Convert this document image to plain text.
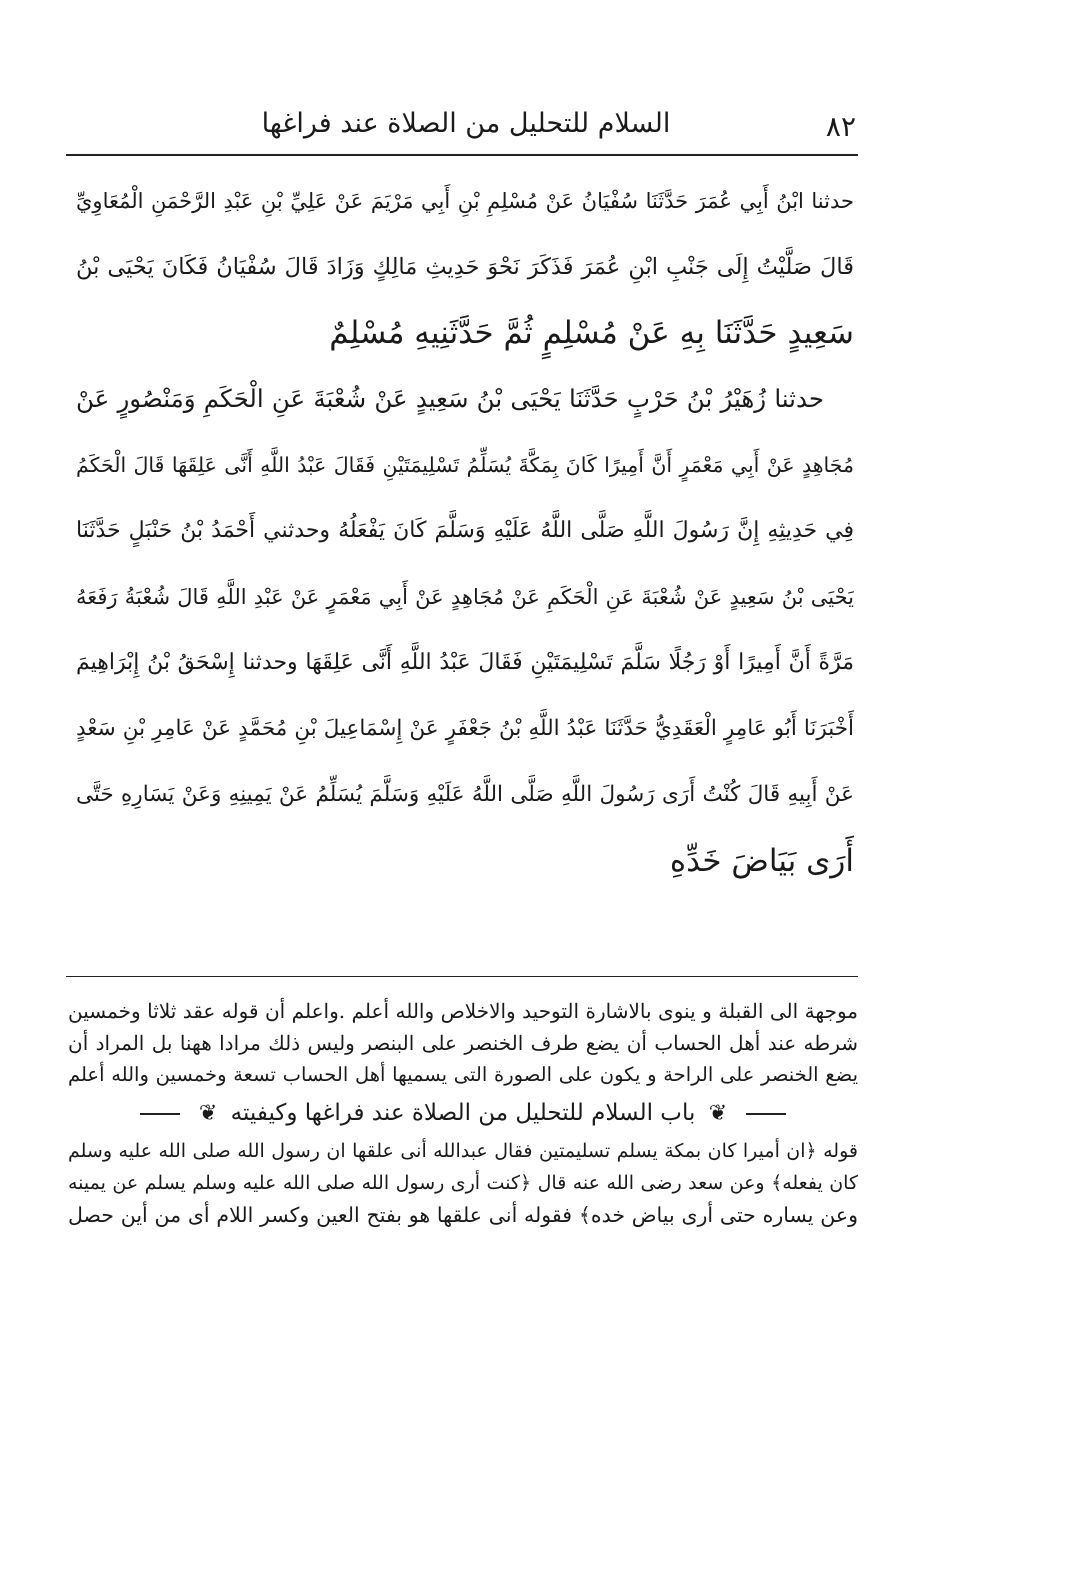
٨٢
السلام للتحليل من الصلاة عند فراغها
حدثنا ابْنُ أَبِي عُمَرَ حَدَّثَنَا سُفْيَانُ عَنْ مُسْلِمِ بْنِ أَبِي مَرْيَمَ عَنْ عَلِيِّ بْنِ عَبْدِ الرَّحْمَنِ الْمُعَاوِيِّ
قَالَ صَلَّيْتُ إِلَى جَنْبِ ابْنِ عُمَرَ فَذَكَرَ نَحْوَ حَدِيثِ مَالِكٍ وَزَادَ قَالَ سُفْيَانُ فَكَانَ يَحْيَى بْنُ
سَعِيدٍ حَدَّثَنَا بِهِ عَنْ مُسْلِمٍ ثُمَّ حَدَّثَنِيهِ مُسْلِمٌ
حدثنا زُهَيْرُ بْنُ حَرْبٍ حَدَّثَنَا يَحْيَى بْنُ سَعِيدٍ عَنْ شُعْبَةَ عَنِ الْحَكَمِ وَمَنْصُورٍ عَنْ
مُجَاهِدٍ عَنْ أَبِي مَعْمَرٍ أَنَّ أَمِيرًا كَانَ بِمَكَّةَ يُسَلِّمُ تَسْلِيمَتَيْنِ فَقَالَ عَبْدُ اللَّهِ أَنَّى عَلِقَهَا قَالَ الْحَكَمُ
فِي حَدِيثِهِ إِنَّ رَسُولَ اللَّهِ صَلَّى اللَّهُ عَلَيْهِ وَسَلَّمَ كَانَ يَفْعَلُهُ وحدثني أَحْمَدُ بْنُ حَنْبَلٍ حَدَّثَنَا
يَحْيَى بْنُ سَعِيدٍ عَنْ شُعْبَةَ عَنِ الْحَكَمِ عَنْ مُجَاهِدٍ عَنْ أَبِي مَعْمَرٍ عَنْ عَبْدِ اللَّهِ قَالَ شُعْبَةُ رَفَعَهُ
مَرَّةً أَنَّ أَمِيرًا أَوْ رَجُلًا سَلَّمَ تَسْلِيمَتَيْنِ فَقَالَ عَبْدُ اللَّهِ أَنَّى عَلِقَهَا وحدثنا إِسْحَقُ بْنُ إِبْرَاهِيمَ
أَخْبَرَنَا أَبُو عَامِرٍ الْعَقَدِيُّ حَدَّثَنَا عَبْدُ اللَّهِ بْنُ جَعْفَرٍ عَنْ إِسْمَاعِيلَ بْنِ مُحَمَّدٍ عَنْ عَامِرِ بْنِ سَعْدٍ
عَنْ أَبِيهِ قَالَ كُنْتُ أَرَى رَسُولَ اللَّهِ صَلَّى اللَّهُ عَلَيْهِ وَسَلَّمَ يُسَلِّمُ عَنْ يَمِينِهِ وَعَنْ يَسَارِهِ حَتَّى
أَرَى بَيَاضَ خَدِّهِ
موجهة الى القبلة و ينوى بالاشارة التوحيد والاخلاص والله أعلم .واعلم أن قوله عقد ثلاثا وخمسين
شرطه عند أهل الحساب أن يضع طرف الخنصر على البنصر وليس ذلك مرادا ههنا بل المراد أن
يضع الخنصر على الراحة و يكون على الصورة التى يسميها أهل الحساب تسعة وخمسين والله أعلم
❦ باب السلام للتحليل من الصلاة عند فراغها وكيفيته ❦
قوله ﴿ان أميرا كان بمكة يسلم تسليمتين فقال عبدالله أنى علقها ان رسول الله صلى الله عليه وسلم
كان يفعله﴾ وعن سعد رضى الله عنه قال ﴿كنت أرى رسول الله صلى الله عليه وسلم يسلم عن يمينه
وعن يساره حتى أرى بياض خده﴾ فقوله أنى علقها هو بفتح العين وكسر اللام أى من أين حصل
